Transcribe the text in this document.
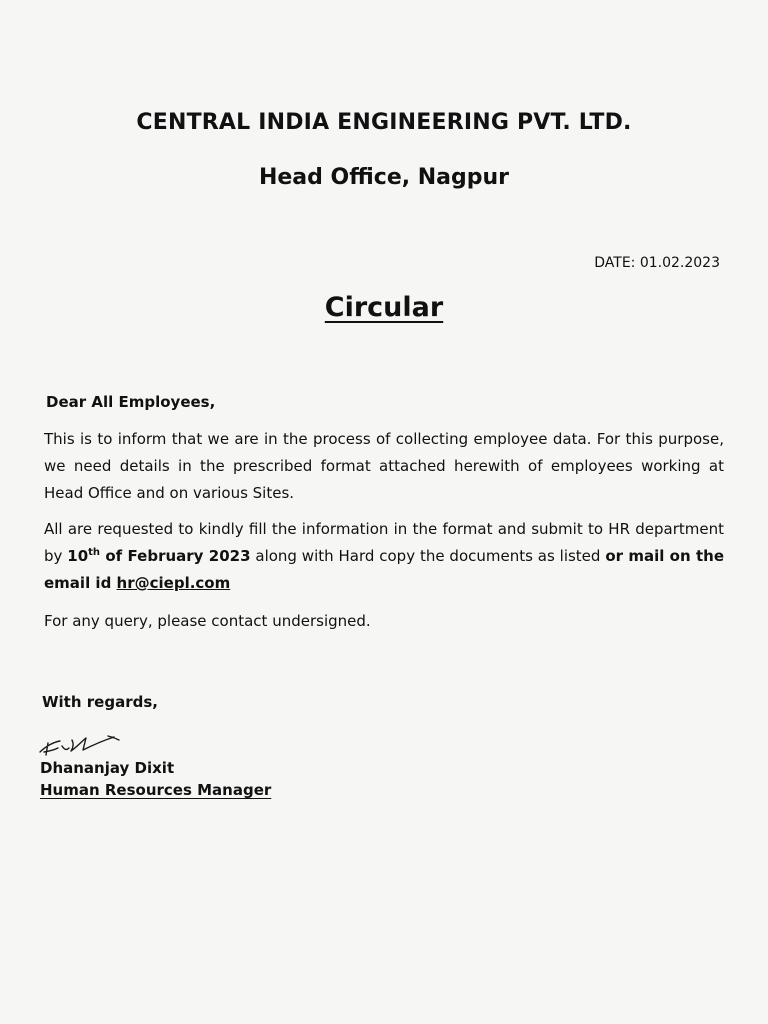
CENTRAL INDIA ENGINEERING PVT. LTD.
Head Office, Nagpur
DATE: 01.02.2023
Circular
Dear All Employees,
This is to inform that we are in the process of collecting employee data. For this purpose, we need details in the prescribed format attached herewith of employees working at Head Office and on various Sites.
All are requested to kindly fill the information in the format and submit to HR department by 10th of February 2023 along with Hard copy the documents as listed or mail on the email id hr@ciepl.com
For any query, please contact undersigned.
With regards,
Dhananjay Dixit
Human Resources Manager
